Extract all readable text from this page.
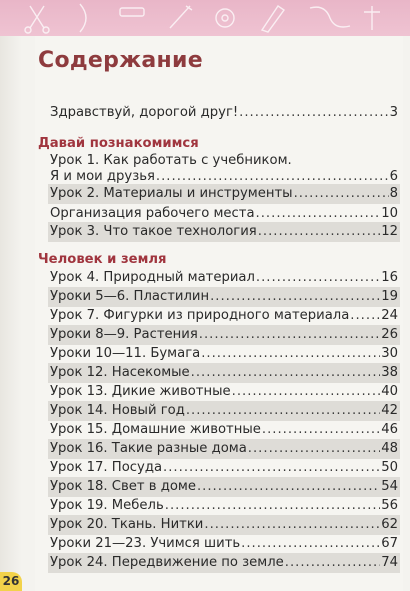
Содержание
Здравствуй, дорогой друг! .....	3
Давай познакомимся
Урок 1. Как работать с учебником.
Я и мои друзья .....	6
Урок 2. Материалы и инструменты .....	8
Организация рабочего места .....	10
Урок 3. Что такое технология .....	12
Человек и земля
Урок 4. Природный материал .....	16
Уроки 5—6. Пластилин .....	19
Урок 7. Фигурки из природного материала ..... 24
Уроки 8—9. Растения .....	26
Уроки 10—11. Бумага .....	30
Урок 12. Насекомые .....	38
Урок 13. Дикие животные .....	40
Урок 14. Новый год .....	42
Урок 15. Домашние животные .....	46
Урок 16. Такие разные дома .....	48
Урок 17. Посуда .....	50
Урок 18. Свет в доме .....	54
Урок 19. Мебель .....	56
Урок 20. Ткань. Нитки .....	62
Уроки 21—23. Учимся шить .....	67
Урок 24. Передвижение по земле .....	74
26
